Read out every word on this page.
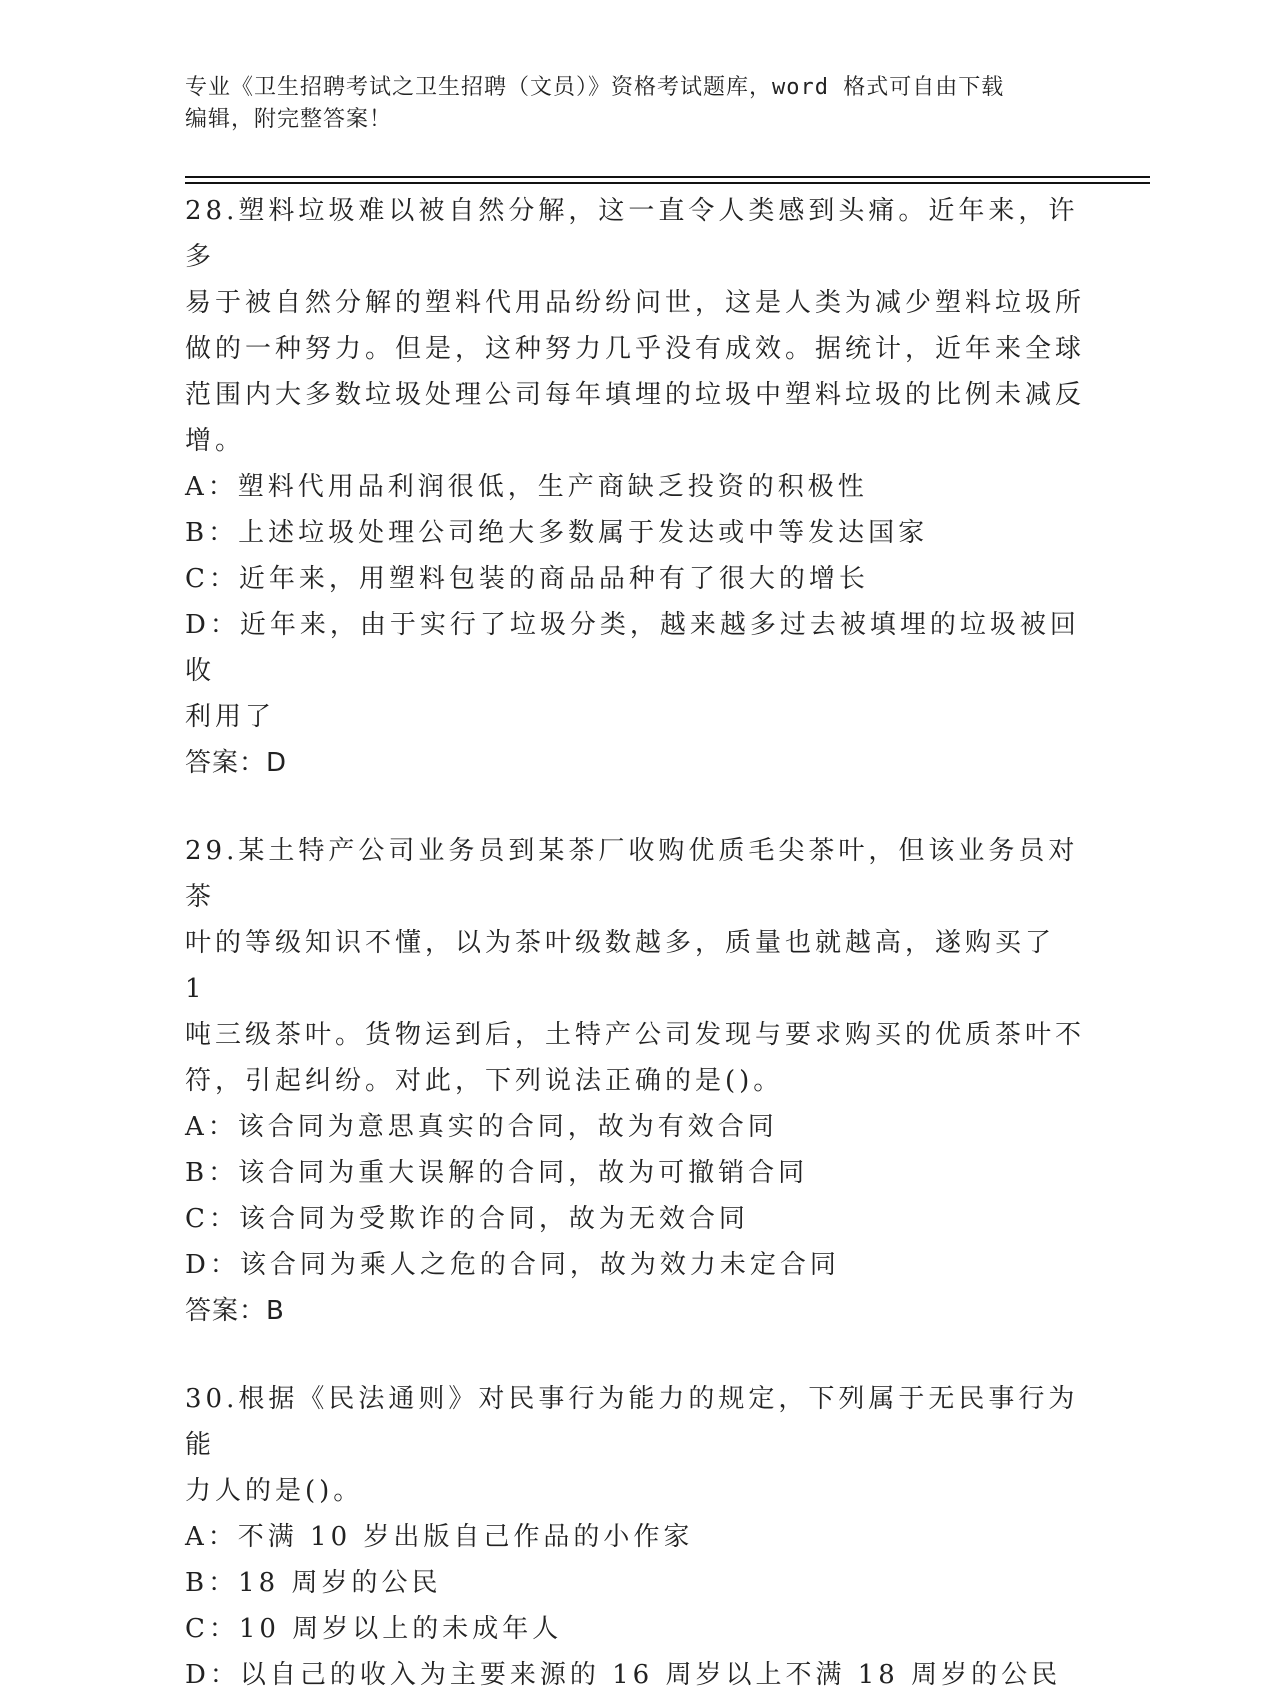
专业《卫生招聘考试之卫生招聘（文员）》资格考试题库，word 格式可自由下载
编辑，附完整答案！

28.塑料垃圾难以被自然分解，这一直令人类感到头痛。近年来，许多

易于被自然分解的塑料代用品纷纷问世，这是人类为减少塑料垃圾所

做的一种努力。但是，这种努力几乎没有成效。据统计，近年来全球

范围内大多数垃圾处理公司每年填埋的垃圾中塑料垃圾的比例未减反

增。

A：塑料代用品利润很低，生产商缺乏投资的积极性

B：上述垃圾处理公司绝大多数属于发达或中等发达国家

C：近年来，用塑料包装的商品品种有了很大的增长

D：近年来，由于实行了垃圾分类，越来越多过去被填埋的垃圾被回收

利用了

答案：D

29.某土特产公司业务员到某茶厂收购优质毛尖茶叶，但该业务员对茶

叶的等级知识不懂，以为茶叶级数越多，质量也就越高，遂购买了 1

吨三级茶叶。货物运到后，土特产公司发现与要求购买的优质茶叶不

符，引起纠纷。对此，下列说法正确的是()。

A：该合同为意思真实的合同，故为有效合同

B：该合同为重大误解的合同，故为可撤销合同

C：该合同为受欺诈的合同，故为无效合同

D：该合同为乘人之危的合同，故为效力未定合同

答案：B

30.根据《民法通则》对民事行为能力的规定，下列属于无民事行为能

力人的是()。

A：不满 10 岁出版自己作品的小作家

B：18 周岁的公民

C：10 周岁以上的未成年人

D：以自己的收入为主要来源的 16 周岁以上不满 18 周岁的公民
